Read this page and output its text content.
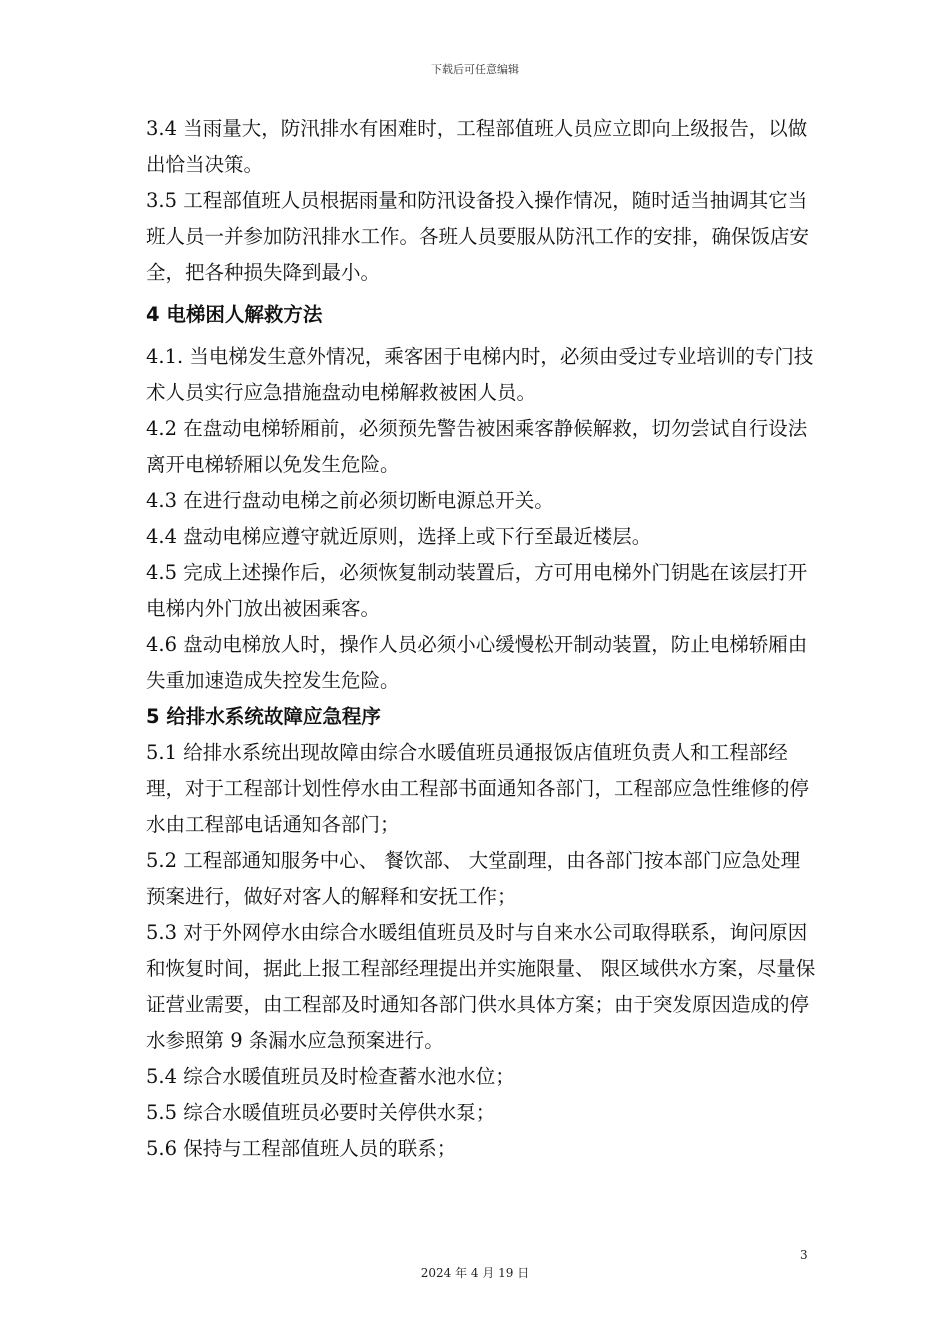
下载后可任意编辑

3.4 当雨量大，防汛排水有困难时，工程部值班人员应立即向上级报告，以做出恰当决策。

3.5 工程部值班人员根据雨量和防汛设备投入操作情况，随时适当抽调其它当班人员一并参加防汛排水工作。各班人员要服从防汛工作的安排，确保饭店安全，把各种损失降到最小。

4 电梯困人解救方法

4.1. 当电梯发生意外情况，乘客困于电梯内时，必须由受过专业培训的专门技术人员实行应急措施盘动电梯解救被困人员。

4.2 在盘动电梯轿厢前，必须预先警告被困乘客静候解救，切勿尝试自行设法离开电梯轿厢以免发生危险。

4.3 在进行盘动电梯之前必须切断电源总开关。

4.4 盘动电梯应遵守就近原则，选择上或下行至最近楼层。

4.5 完成上述操作后，必须恢复制动装置后，方可用电梯外门钥匙在该层打开电梯内外门放出被困乘客。

4.6 盘动电梯放人时，操作人员必须小心缓慢松开制动装置，防止电梯轿厢由失重加速造成失控发生危险。

5 给排水系统故障应急程序

5.1 给排水系统出现故障由综合水暖值班员通报饭店值班负责人和工程部经理，对于工程部计划性停水由工程部书面通知各部门，工程部应急性维修的停水由工程部电话通知各部门；

5.2 工程部通知服务中心、 餐饮部、 大堂副理，由各部门按本部门应急处理预案进行，做好对客人的解释和安抚工作；

5.3 对于外网停水由综合水暖组值班员及时与自来水公司取得联系，询问原因和恢复时间，据此上报工程部经理提出并实施限量、 限区域供水方案，尽量保证营业需要，由工程部及时通知各部门供水具体方案；由于突发原因造成的停水参照第 9 条漏水应急预案进行。

5.4 综合水暖值班员及时检查蓄水池水位；

5.5 综合水暖值班员必要时关停供水泵；

5.6 保持与工程部值班人员的联系；

3
2024 年 4 月 19 日
